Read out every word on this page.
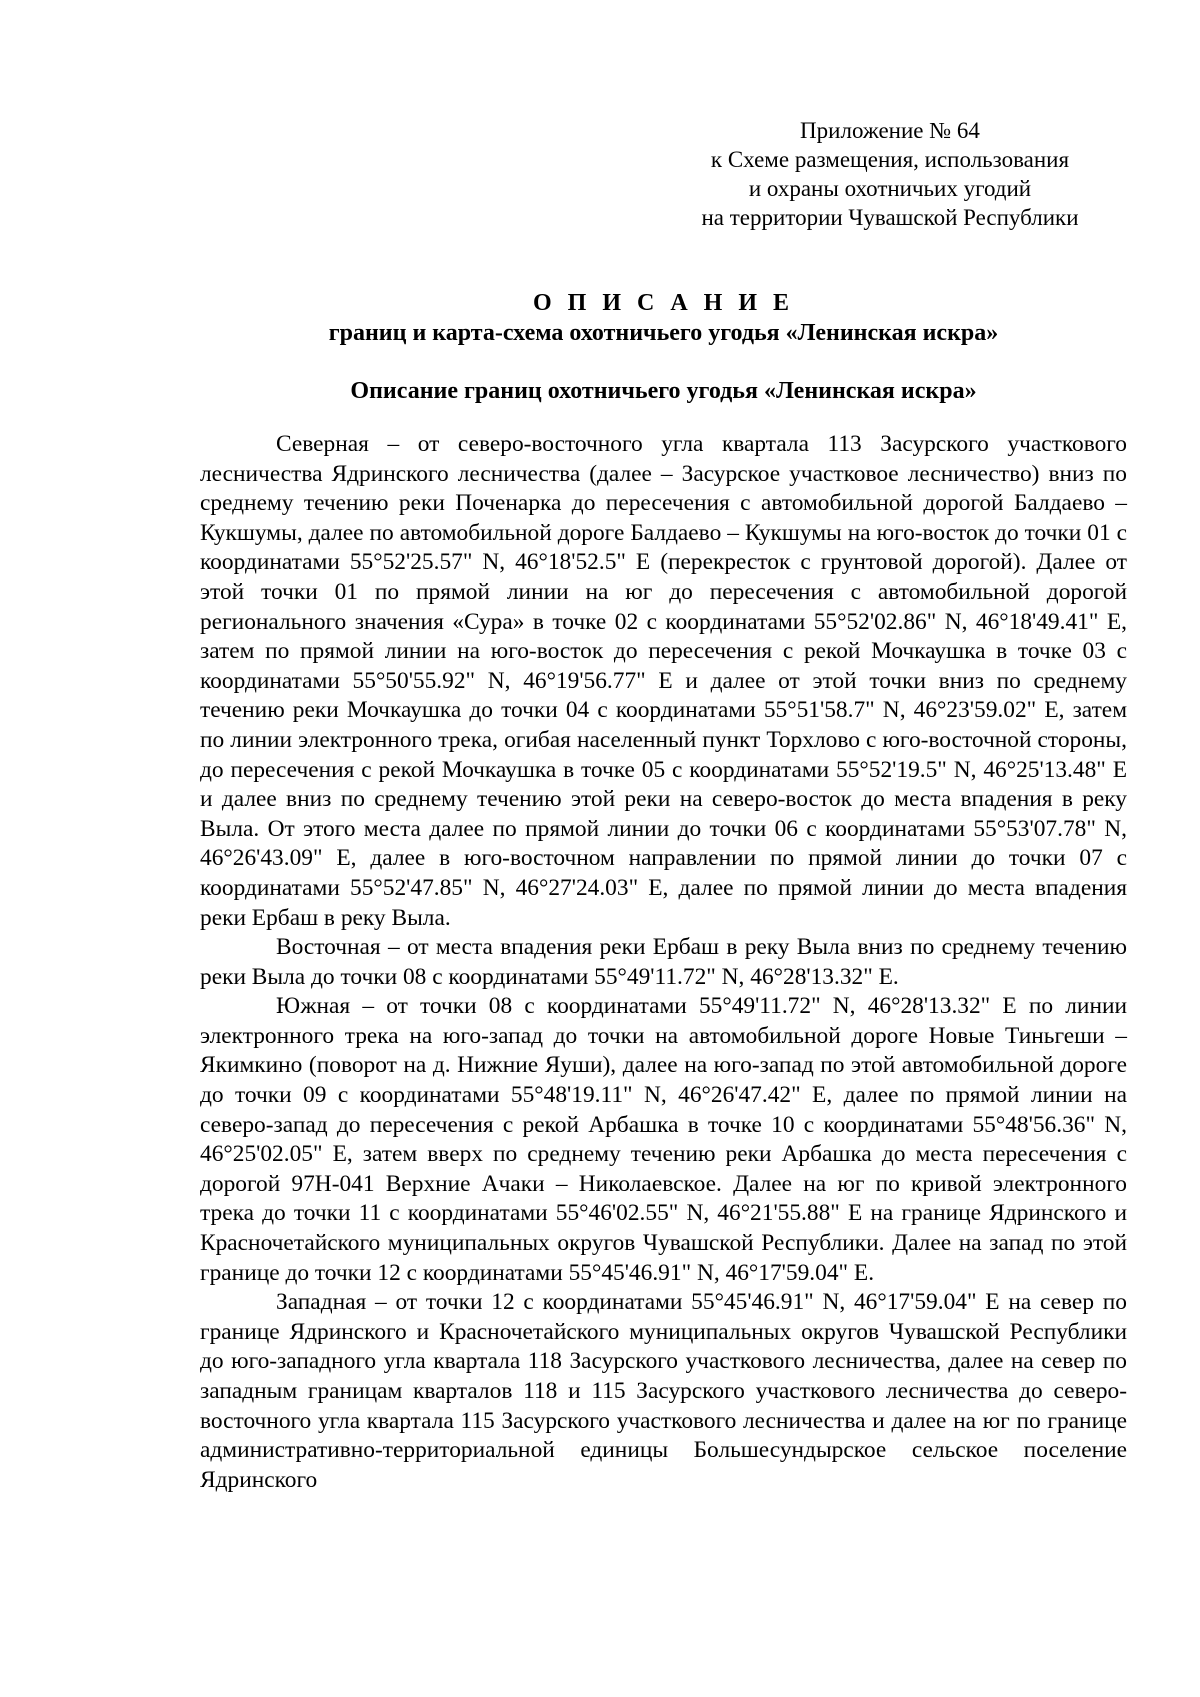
Приложение № 64
к Схеме размещения, использования
и охраны охотничьих угодий
на территории Чувашской Республики
О П И С А Н И Е
границ и карта-схема охотничьего угодья «Ленинская искра»
Описание границ охотничьего угодья «Ленинская искра»

Северная – от северо-восточного угла квартала 113 Засурского участкового лесничества Ядринского лесничества (далее – Засурское участковое лесничество) вниз по среднему течению реки Поченарка до пересечения с автомобильной дорогой Балдаево – Кукшумы, далее по автомобильной дороге Балдаево – Кукшумы на юго-восток до точки 01 с координатами 55°52'25.57" N, 46°18'52.5" E (перекресток с грунтовой дорогой). Далее от этой точки 01 по прямой линии на юг до пересечения с автомобильной дорогой регионального значения «Сура» в точке 02 с координатами 55°52'02.86" N, 46°18'49.41" E, затем по прямой линии на юго-восток до пересечения с рекой Мочкаушка в точке 03 с координатами 55°50'55.92" N, 46°19'56.77" E и далее от этой точки вниз по среднему течению реки Мочкаушка до точки 04 с координатами 55°51'58.7" N, 46°23'59.02" E, затем по линии электронного трека, огибая населенный пункт Торхлово с юго-восточной стороны, до пересечения с рекой Мочкаушка в точке 05 с координатами 55°52'19.5" N, 46°25'13.48" E и далее вниз по среднему течению этой реки на северо-восток до места впадения в реку Выла. От этого места далее по прямой линии до точки 06 с координатами 55°53'07.78" N, 46°26'43.09" E, далее в юго-восточном направлении по прямой линии до точки 07 с координатами 55°52'47.85" N, 46°27'24.03" E, далее по прямой линии до места впадения реки Ербаш в реку Выла.

Восточная – от места впадения реки Ербаш в реку Выла вниз по среднему течению реки Выла до точки 08 с координатами 55°49'11.72" N, 46°28'13.32" E.

Южная – от точки 08 с координатами 55°49'11.72" N, 46°28'13.32" E по линии электронного трека на юго-запад до точки на автомобильной дороге Новые Тиньгеши – Якимкино (поворот на д. Нижние Яуши), далее на юго-запад по этой автомобильной дороге до точки 09 с координатами 55°48'19.11" N, 46°26'47.42" E, далее по прямой линии на северо-запад до пересечения с рекой Арбашка в точке 10 с координатами 55°48'56.36" N, 46°25'02.05" E, затем вверх по среднему течению реки Арбашка до места пересечения с дорогой 97Н-041 Верхние Ачаки – Николаевское. Далее на юг по кривой электронного трека до точки 11 с координатами 55°46'02.55" N, 46°21'55.88" E на границе Ядринского и Красночетайского муниципальных округов Чувашской Республики. Далее на запад по этой границе до точки 12 с координатами 55°45'46.91" N, 46°17'59.04" E.

Западная – от точки 12 с координатами 55°45'46.91" N, 46°17'59.04" E на север по границе Ядринского и Красночетайского муниципальных округов Чувашской Республики до юго-западного угла квартала 118 Засурского участкового лесничества, далее на север по западным границам кварталов 118 и 115 Засурского участкового лесничества до северо-восточного угла квартала 115 Засурского участкового лесничества и далее на юг по границе административно-территориальной единицы Большесундырское сельское поселение Ядринского
